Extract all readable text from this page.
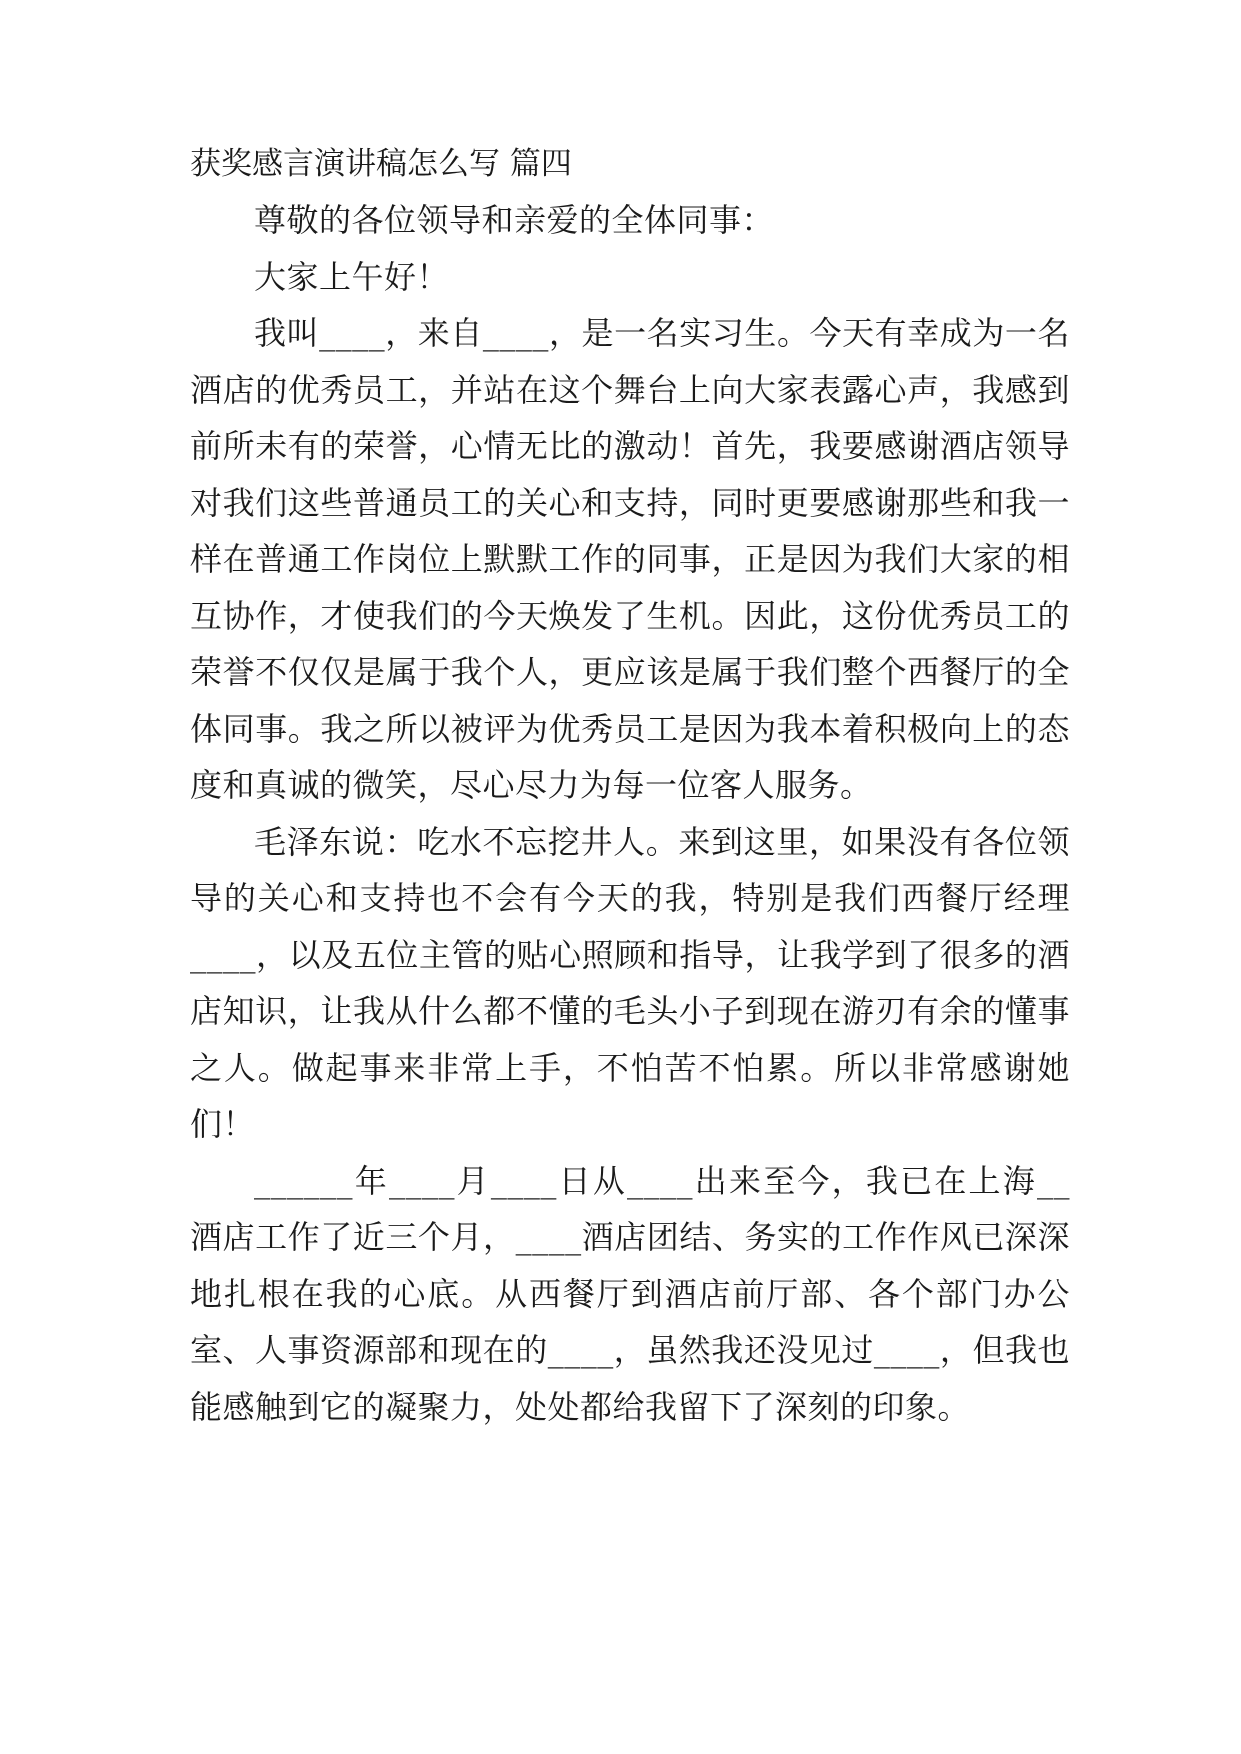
获奖感言演讲稿怎么写 篇四

尊敬的各位领导和亲爱的全体同事：

大家上午好！

我叫____，来自____，是一名实习生。今天有幸成为一名酒店的优秀员工，并站在这个舞台上向大家表露心声，我感到前所未有的荣誉，心情无比的激动！首先，我要感谢酒店领导对我们这些普通员工的关心和支持，同时更要感谢那些和我一样在普通工作岗位上默默工作的同事，正是因为我们大家的相互协作，才使我们的今天焕发了生机。因此，这份优秀员工的荣誉不仅仅是属于我个人，更应该是属于我们整个西餐厅的全体同事。我之所以被评为优秀员工是因为我本着积极向上的态度和真诚的微笑，尽心尽力为每一位客人服务。

毛泽东说：吃水不忘挖井人。来到这里，如果没有各位领导的关心和支持也不会有今天的我，特别是我们西餐厅经理____，以及五位主管的贴心照顾和指导，让我学到了很多的酒店知识，让我从什么都不懂的毛头小子到现在游刃有余的懂事之人。做起事来非常上手，不怕苦不怕累。所以非常感谢她们！

______年____月____日从____出来至今，我已在上海__酒店工作了近三个月，____酒店团结、务实的工作作风已深深地扎根在我的心底。从西餐厅到酒店前厅部、各个部门办公室、人事资源部和现在的____，虽然我还没见过____，但我也能感触到它的凝聚力，处处都给我留下了深刻的印象。
